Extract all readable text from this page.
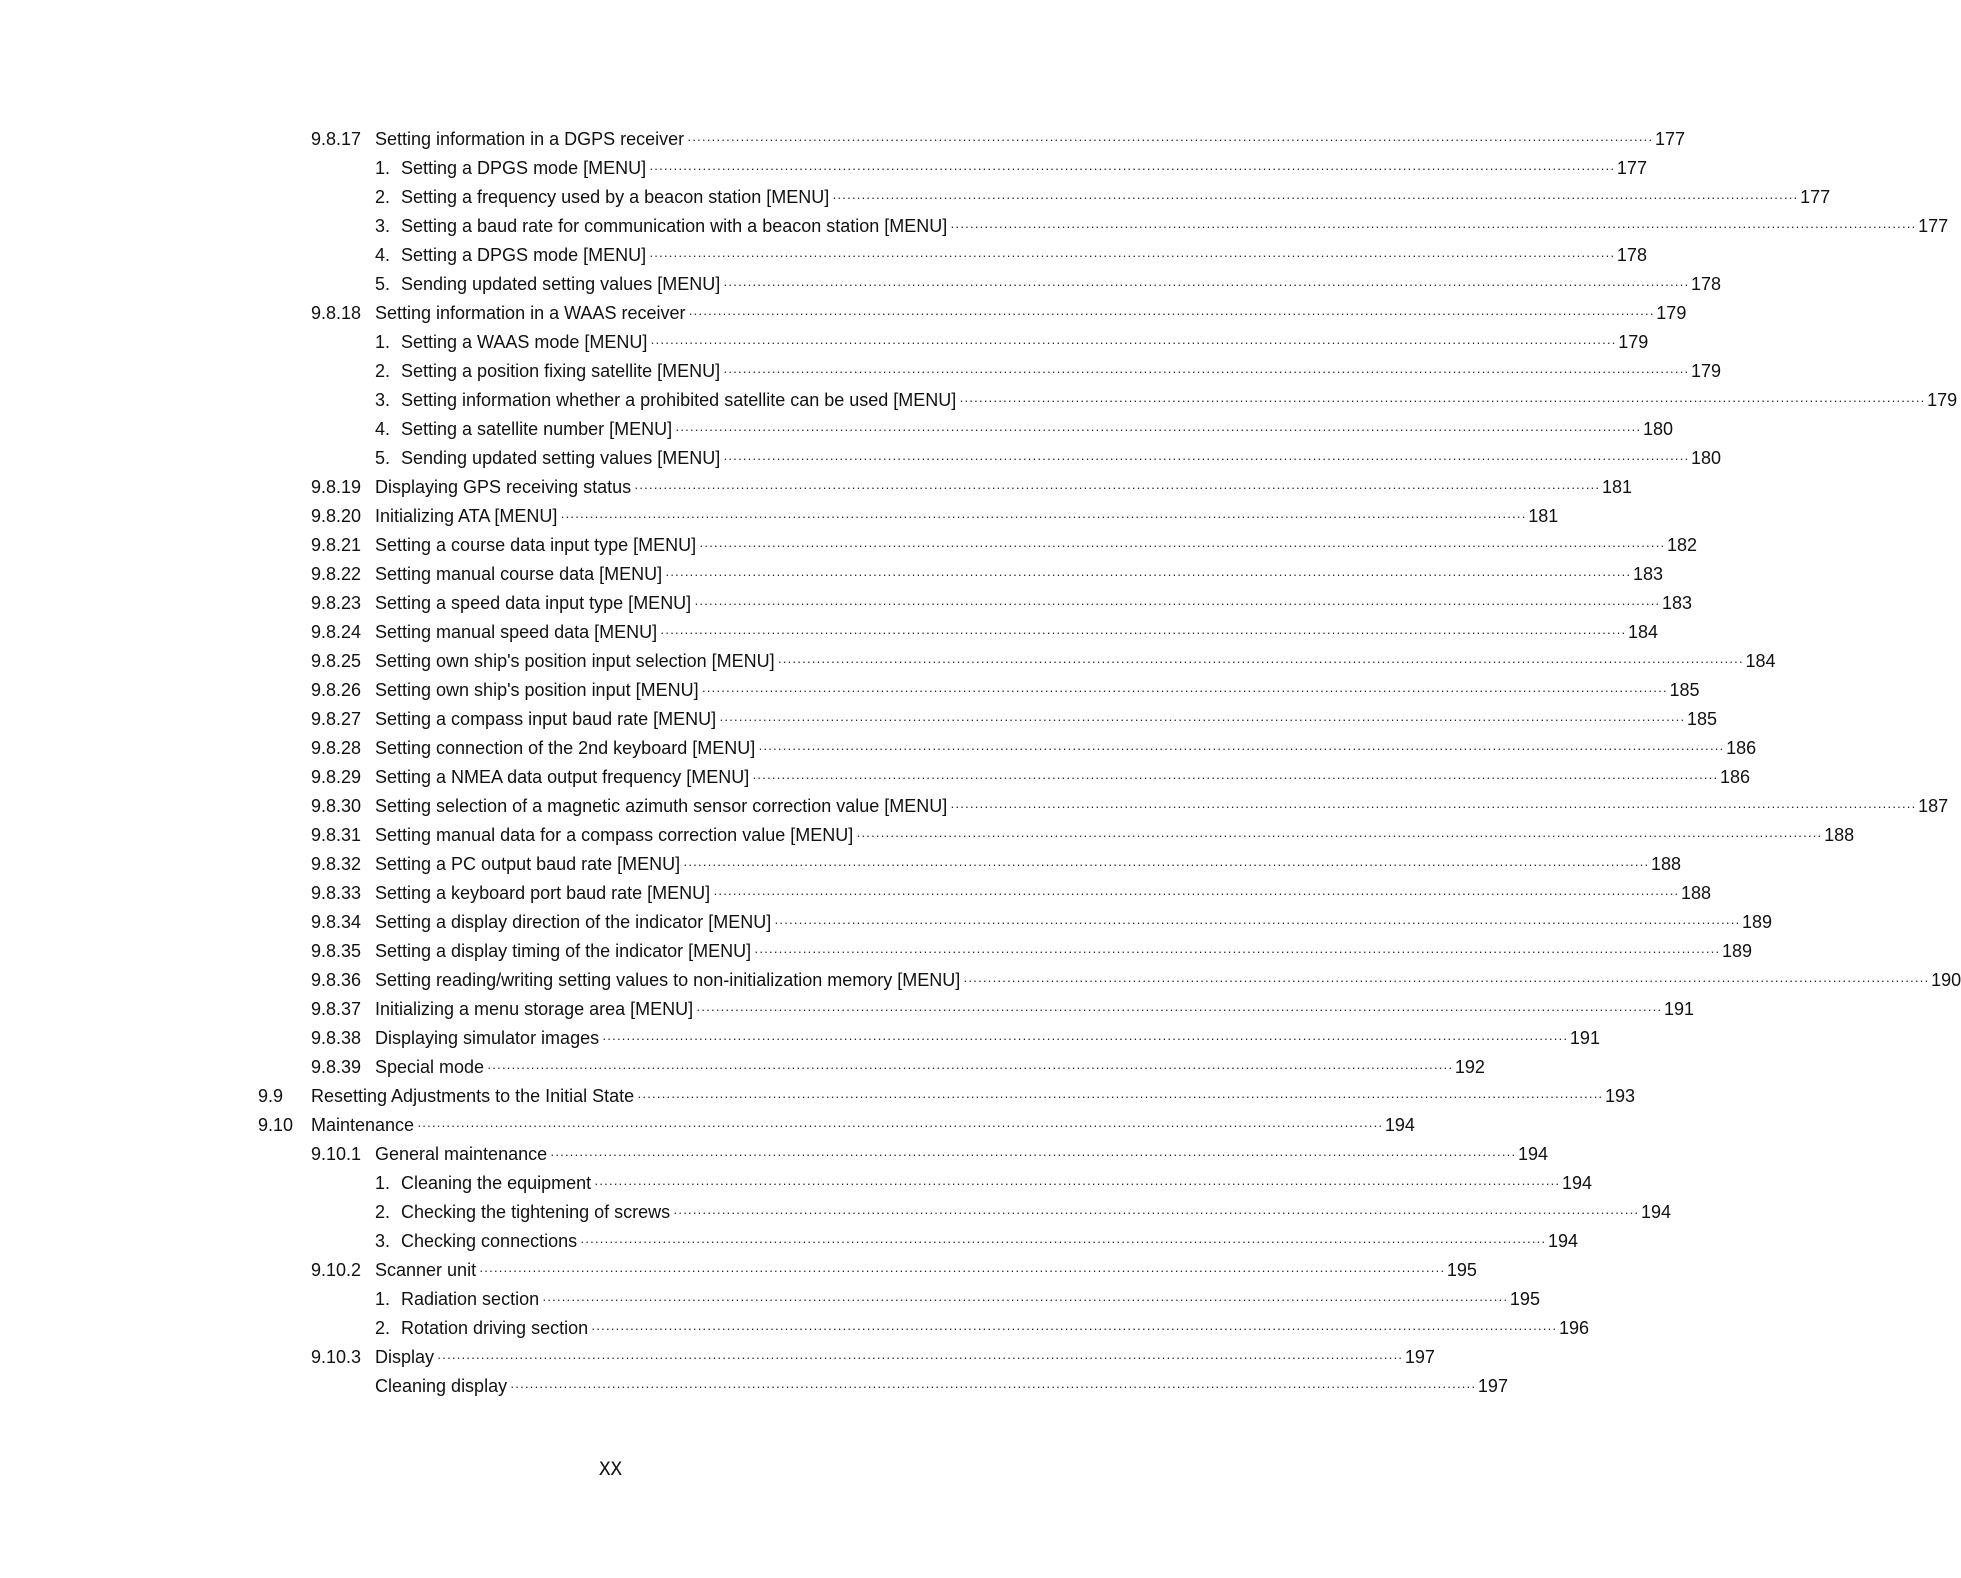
9.8.17 Setting information in a DGPS receiver ········································································································································································································ 177
1. Setting a DPGS mode [MENU] ········································································································································································································ 177
2. Setting a frequency used by a beacon station [MENU] ········································································································································································································ 177
3. Setting a baud rate for communication with a beacon station [MENU] ········································································································································································································ 177
4. Setting a DPGS mode [MENU] ········································································································································································································ 178
5. Sending updated setting values [MENU] ········································································································································································································ 178
9.8.18 Setting information in a WAAS receiver ········································································································································································································ 179
1. Setting a WAAS mode [MENU] ········································································································································································································ 179
2. Setting a position fixing satellite [MENU] ········································································································································································································ 179
3. Setting information whether a prohibited satellite can be used [MENU] ········································································································································································································ 179
4. Setting a satellite number [MENU] ········································································································································································································ 180
5. Sending updated setting values [MENU] ········································································································································································································ 180
9.8.19 Displaying GPS receiving status ········································································································································································································ 181
9.8.20 Initializing ATA [MENU] ········································································································································································································ 181
9.8.21 Setting a course data input type [MENU] ········································································································································································································ 182
9.8.22 Setting manual course data [MENU] ········································································································································································································ 183
9.8.23 Setting a speed data input type [MENU] ········································································································································································································ 183
9.8.24 Setting manual speed data [MENU] ········································································································································································································ 184
9.8.25 Setting own ship's position input selection [MENU] ········································································································································································································ 184
9.8.26 Setting own ship's position input [MENU] ········································································································································································································ 185
9.8.27 Setting a compass input baud rate [MENU] ········································································································································································································ 185
9.8.28 Setting connection of the 2nd keyboard [MENU] ········································································································································································································ 186
9.8.29 Setting a NMEA data output frequency [MENU] ········································································································································································································ 186
9.8.30 Setting selection of a magnetic azimuth sensor correction value [MENU] ········································································································································································································ 187
9.8.31 Setting manual data for a compass correction value [MENU] ········································································································································································································ 188
9.8.32 Setting a PC output baud rate [MENU] ········································································································································································································ 188
9.8.33 Setting a keyboard port baud rate [MENU] ········································································································································································································ 188
9.8.34 Setting a display direction of the indicator [MENU] ········································································································································································································ 189
9.8.35 Setting a display timing of the indicator [MENU] ········································································································································································································ 189
9.8.36 Setting reading/writing setting values to non-initialization memory [MENU] ········································································································································································································ 190
9.8.37 Initializing a menu storage area [MENU] ········································································································································································································ 191
9.8.38 Displaying simulator images ········································································································································································································ 191
9.8.39 Special mode ········································································································································································································ 192
9.9 Resetting Adjustments to the Initial State ········································································································································································································ 193
9.10 Maintenance ········································································································································································································ 194
9.10.1 General maintenance ········································································································································································································ 194
1. Cleaning the equipment ········································································································································································································ 194
2. Checking the tightening of screws ········································································································································································································ 194
3. Checking connections ········································································································································································································ 194
9.10.2 Scanner unit ········································································································································································································ 195
1. Radiation section ········································································································································································································ 195
2. Rotation driving section ········································································································································································································ 196
9.10.3 Display ········································································································································································································ 197
Cleaning display ········································································································································································································ 197
XX
